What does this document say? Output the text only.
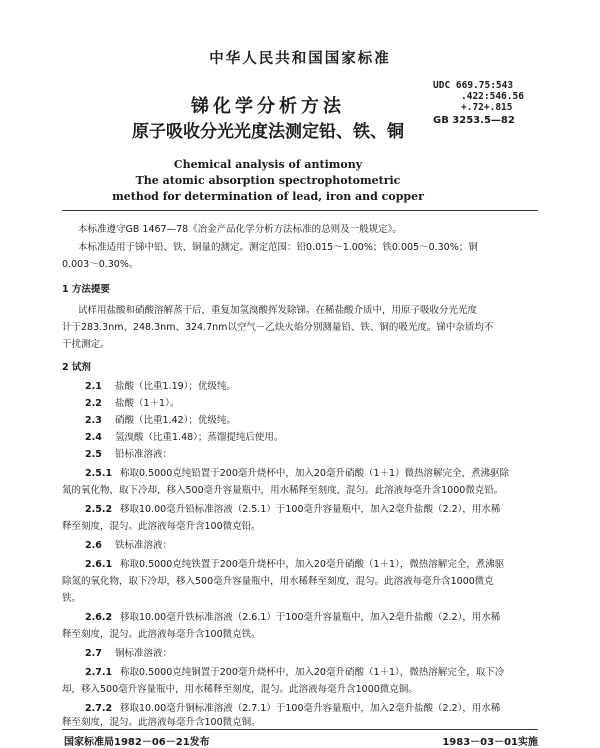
中华人民共和国国家标准
UDC 669.75:543
.422:546.56
+.72+.815
GB 3253.5—82
锑化学分析方法
原子吸收分光光度法测定铅、铁、铜
Chemical analysis of antimony
The atomic absorption spectrophotometric
method for determination of lead, iron and copper
本标准遵守GB 1467—78《冶金产品化学分析方法标准的总则及一般规定》。
本标准适用于锑中铅、铁、铜量的测定。测定范围：铅0.015～1.00%；铁0.005～0.30%；铜
0.003～0.30%。
1 方法提要
试样用盐酸和硝酸溶解蒸干后，重复加氢溴酸挥发除锑。在稀盐酸介质中，用原子吸收分光光度
计于283.3nm、248.3nm、324.7nm以空气－乙炔火焰分别测量铅、铁、铜的吸光度。锑中杂质均不
干扰测定。
2 试剂
2.1 盐酸（比重1.19）；优级纯。
2.2 盐酸（1＋1）。
2.3 硝酸（比重1.42）；优级纯。
2.4 氢溴酸（比重1.48）；蒸馏提纯后使用。
2.5 铅标准溶液：
2.5.1 称取0.5000克纯铅置于200毫升烧杯中，加入20毫升硝酸（1＋1）微热溶解完全，煮沸驱除
氮的氧化物，取下冷却，移入500毫升容量瓶中，用水稀释至刻度，混匀。此溶液每毫升含1000微克铅。
2.5.2 移取10.00毫升铅标准溶液（2.5.1）于100毫升容量瓶中，加入2毫升盐酸（2.2），用水稀
释至刻度，混匀。此溶液每毫升含100微克铅。
2.6 铁标准溶液：
2.6.1 称取0.5000克纯铁置于200毫升烧杯中，加入20毫升硝酸（1＋1），微热溶解完全，煮沸驱
除氮的氧化物，取下冷却，移入500毫升容量瓶中，用水稀释至刻度，混匀。此溶液每毫升含1000微克
铁。
2.6.2 移取10.00毫升铁标准溶液（2.6.1）于100毫升容量瓶中，加入2毫升盐酸（2.2），用水稀
释至刻度，混匀。此溶液每毫升含100微克铁。
2.7 铜标准溶液：
2.7.1 称取0.5000克纯铜置于200毫升烧杯中，加入20毫升硝酸（1＋1），微热溶解完全，取下冷
却，移入500毫升容量瓶中，用水稀释至刻度，混匀。此溶液每毫升含1000微克铜。
2.7.2 移取10.00毫升铜标准溶液（2.7.1）于100毫升容量瓶中，加入2毫升盐酸（2.2），用水稀
释至刻度，混匀。此溶液每毫升含100微克铜。
国家标准局1982－06－21发布	1983－03－01实施
